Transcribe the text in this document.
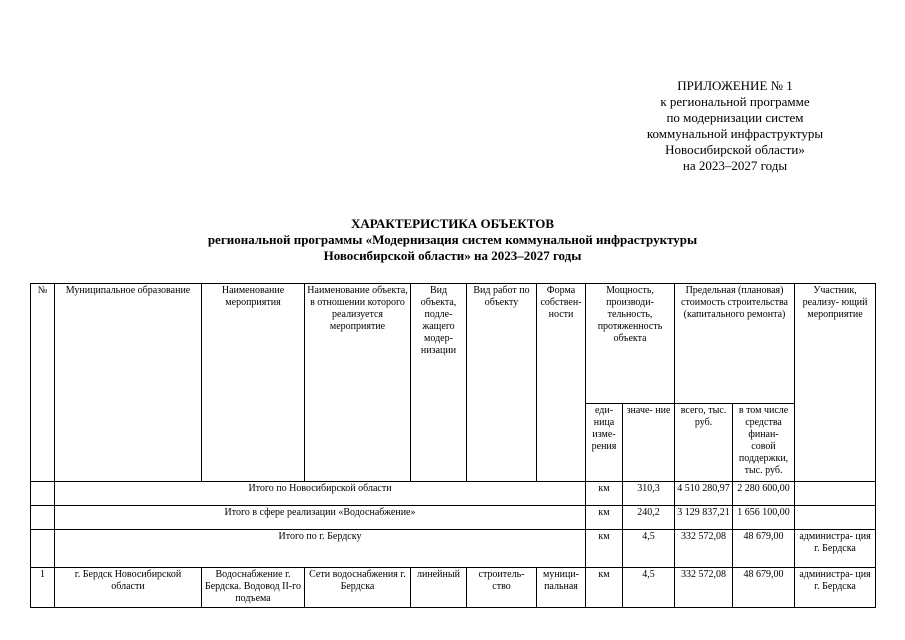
ПРИЛОЖЕНИЕ № 1
к региональной программе
по модернизации систем
коммунальной инфраструктуры
Новосибирской области»
на 2023–2027 годы
ХАРАКТЕРИСТИКА ОБЪЕКТОВ
региональной программы «Модернизация систем коммунальной инфраструктуры
Новосибирской области» на 2023–2027 годы
№	Муниципальное образование	Наименование мероприятия	Наименование объекта, в отношении которого реализуется мероприятие	Вид объекта, подле- жащего модер- низации	Вид работ по объекту	Форма собствен- ности	Мощность, производи- тельность, протяженность объекта		Предельная (плановая) стоимость строительства (капитального ремонта)		Участник, реализу- ющий мероприятие
							еди- ница изме- рения	значе- ние	всего, тыс. руб.	в том числе средства финан- совой поддержки, тыс. руб.	
	Итого по Новосибирской области						км	310,3	4 510 280,97	2 280 600,00	
	Итого в сфере реализации «Водоснабжение»						км	240,2	3 129 837,21	1 656 100,00	
	Итого по г. Бердску						км	4,5	332 572,08	48 679,00	администра- ция г. Бердска
1	г. Бердск Новосибирской области	Водоснабжение г. Бердска. Водовод II-го подъема	Сети водоснабжения г. Бердска	линейный	строитель- ство	муници- пальная	км	4,5	332 572,08	48 679,00	администра- ция г. Бердска
